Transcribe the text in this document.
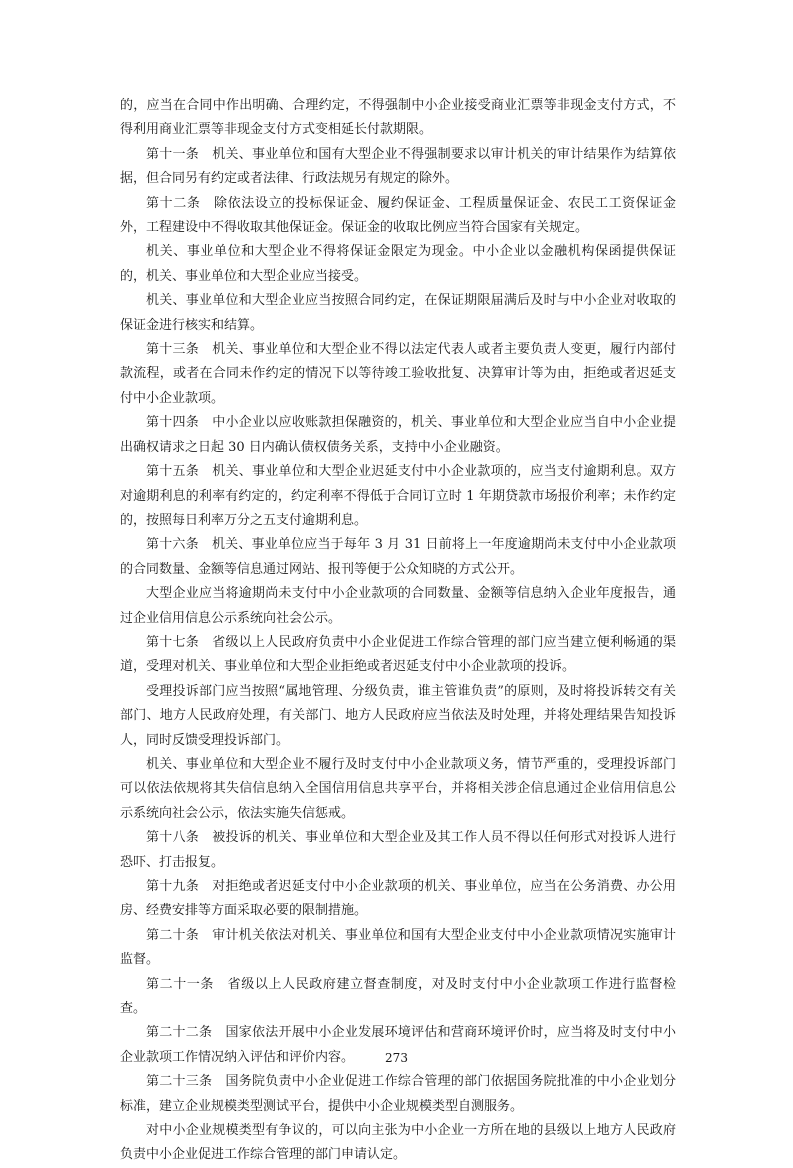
的，应当在合同中作出明确、合理约定，不得强制中小企业接受商业汇票等非现金支付方式，不得利用商业汇票等非现金支付方式变相延长付款期限。

第十一条　机关、事业单位和国有大型企业不得强制要求以审计机关的审计结果作为结算依据，但合同另有约定或者法律、行政法规另有规定的除外。

第十二条　除依法设立的投标保证金、履约保证金、工程质量保证金、农民工工资保证金外，工程建设中不得收取其他保证金。保证金的收取比例应当符合国家有关规定。

机关、事业单位和大型企业不得将保证金限定为现金。中小企业以金融机构保函提供保证的，机关、事业单位和大型企业应当接受。

机关、事业单位和大型企业应当按照合同约定，在保证期限届满后及时与中小企业对收取的保证金进行核实和结算。

第十三条　机关、事业单位和大型企业不得以法定代表人或者主要负责人变更，履行内部付款流程，或者在合同未作约定的情况下以等待竣工验收批复、决算审计等为由，拒绝或者迟延支付中小企业款项。

第十四条　中小企业以应收账款担保融资的，机关、事业单位和大型企业应当自中小企业提出确权请求之日起 30 日内确认债权债务关系，支持中小企业融资。

第十五条　机关、事业单位和大型企业迟延支付中小企业款项的，应当支付逾期利息。双方对逾期利息的利率有约定的，约定利率不得低于合同订立时 1 年期贷款市场报价利率；未作约定的，按照每日利率万分之五支付逾期利息。

第十六条　机关、事业单位应当于每年 3 月 31 日前将上一年度逾期尚未支付中小企业款项的合同数量、金额等信息通过网站、报刊等便于公众知晓的方式公开。

大型企业应当将逾期尚未支付中小企业款项的合同数量、金额等信息纳入企业年度报告，通过企业信用信息公示系统向社会公示。

第十七条　省级以上人民政府负责中小企业促进工作综合管理的部门应当建立便利畅通的渠道，受理对机关、事业单位和大型企业拒绝或者迟延支付中小企业款项的投诉。

受理投诉部门应当按照“属地管理、分级负责，谁主管谁负责”的原则，及时将投诉转交有关部门、地方人民政府处理，有关部门、地方人民政府应当依法及时处理，并将处理结果告知投诉人，同时反馈受理投诉部门。

机关、事业单位和大型企业不履行及时支付中小企业款项义务，情节严重的，受理投诉部门可以依法依规将其失信信息纳入全国信用信息共享平台，并将相关涉企信息通过企业信用信息公示系统向社会公示，依法实施失信惩戒。

第十八条　被投诉的机关、事业单位和大型企业及其工作人员不得以任何形式对投诉人进行恐吓、打击报复。

第十九条　对拒绝或者迟延支付中小企业款项的机关、事业单位，应当在公务消费、办公用房、经费安排等方面采取必要的限制措施。

第二十条　审计机关依法对机关、事业单位和国有大型企业支付中小企业款项情况实施审计监督。

第二十一条　省级以上人民政府建立督查制度，对及时支付中小企业款项工作进行监督检查。

第二十二条　国家依法开展中小企业发展环境评估和营商环境评价时，应当将及时支付中小企业款项工作情况纳入评估和评价内容。

第二十三条　国务院负责中小企业促进工作综合管理的部门依据国务院批准的中小企业划分标准，建立企业规模类型测试平台，提供中小企业规模类型自测服务。

对中小企业规模类型有争议的，可以向主张为中小企业一方所在地的县级以上地方人民政府负责中小企业促进工作综合管理的部门申请认定。

273
